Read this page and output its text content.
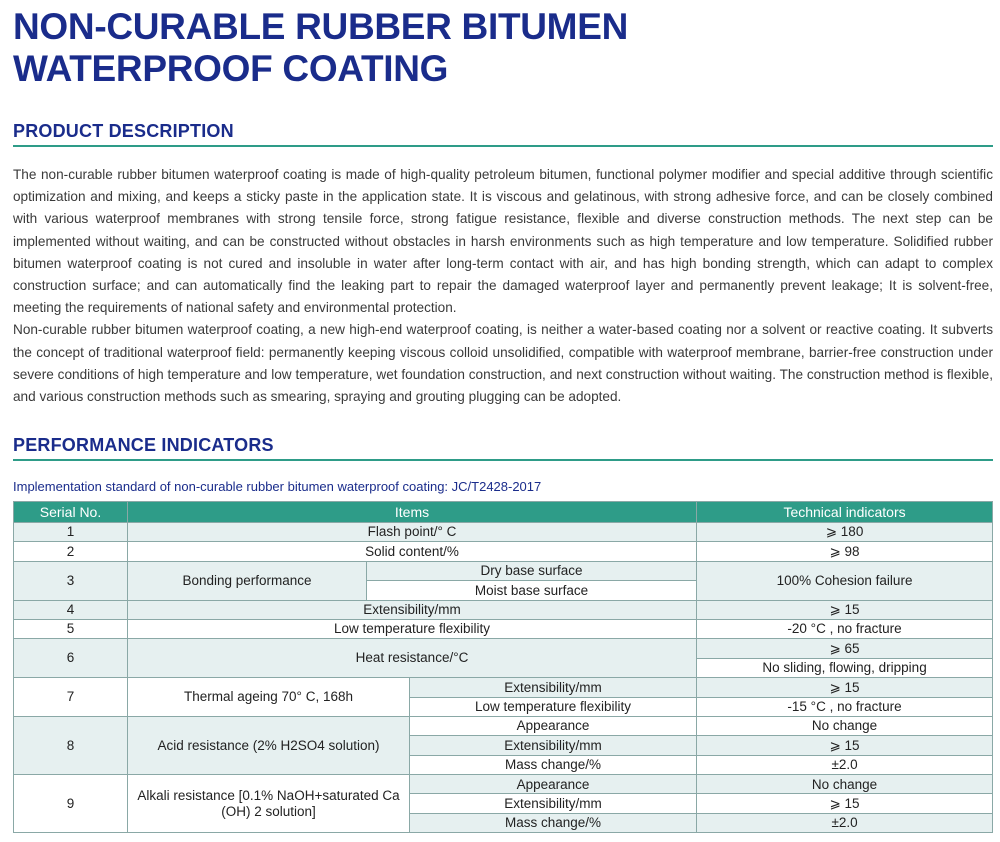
NON-CURABLE RUBBER BITUMEN
WATERPROOF COATING
PRODUCT DESCRIPTION

The non-curable rubber bitumen waterproof coating is made of high-quality petroleum bitumen, functional polymer modifier and special additive through scientific optimization and mixing, and keeps a sticky paste in the application state. It is viscous and gelatinous, with strong adhesive force, and can be closely combined with various waterproof membranes with strong tensile force, strong fatigue resistance, flexible and diverse construction methods. The next step can be implemented without waiting, and can be constructed without obstacles in harsh environments such as high temperature and low temperature. Solidified rubber bitumen waterproof coating is not cured and insoluble in water after long-term contact with air, and has high bonding strength, which can adapt to complex construction surface; and can automatically find the leaking part to repair the damaged waterproof layer and permanently prevent leakage; It is solvent-free, meeting the requirements of national safety and environmental protection.

Non-curable rubber bitumen waterproof coating, a new high-end waterproof coating, is neither a water-based coating nor a solvent or reactive coating. It subverts the concept of traditional waterproof field: permanently keeping viscous colloid unsolidified, compatible with waterproof membrane, barrier-free construction under severe conditions of high temperature and low temperature, wet foundation construction, and next construction without waiting. The construction method is flexible, and various construction methods such as smearing, spraying and grouting plugging can be adopted.

PERFORMANCE INDICATORS
Implementation standard of non-curable rubber bitumen waterproof coating: JC/T2428-2017
Serial No.	Items			Technical indicators
1	Flash point/° C			⩾ 180
2	Solid content/%			⩾ 98
3	Bonding performance	Dry base surface		100% Cohesion failure
		Moist base surface		
4	Extensibility/mm			⩾ 15
5	Low temperature flexibility			-20 °C , no fracture
6	Heat resistance/°C			⩾ 65
				No sliding, flowing, dripping
7	Thermal ageing 70° C, 168h		Extensibility/mm	⩾ 15
			Low temperature flexibility	-15 °C , no fracture
8	Acid resistance (2% H2SO4 solution)		Appearance	No change
			Extensibility/mm	⩾ 15
			Mass change/%	±2.0
9	Alkali resistance [0.1% NaOH+saturated Ca (OH) 2 solution]		Appearance	No change
			Extensibility/mm	⩾ 15
			Mass change/%	±2.0
